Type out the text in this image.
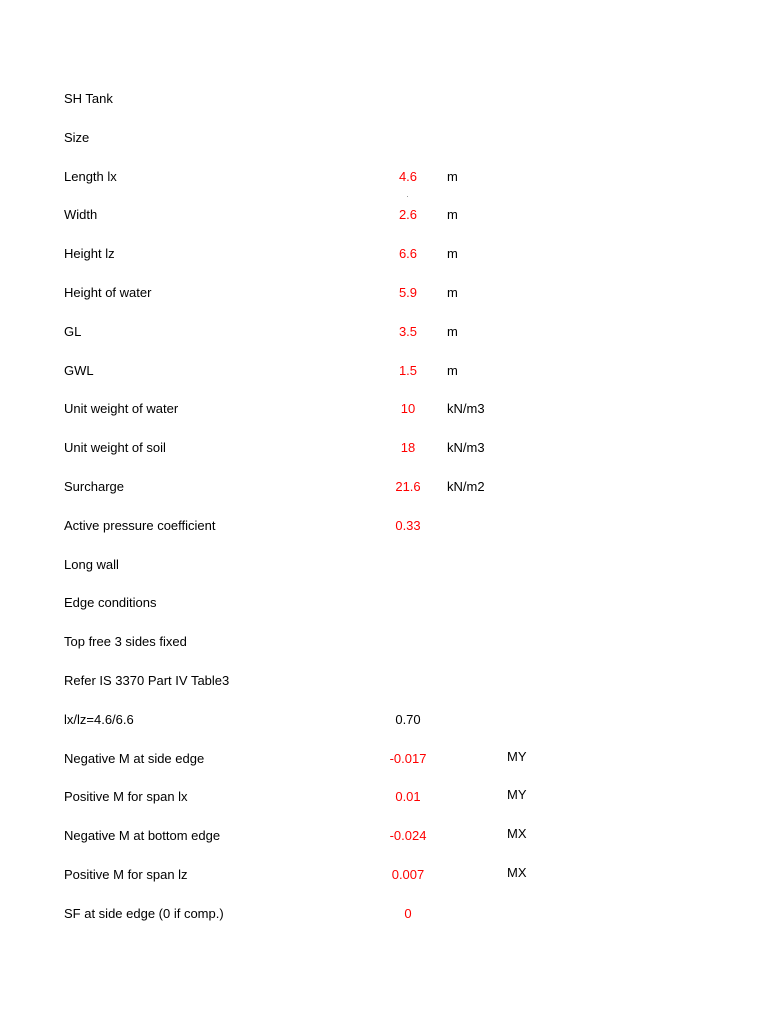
SH Tank
Size
Length lx	4.6	m
Width	2.6	m
Height lz	6.6	m
Height of water	5.9	m
GL	3.5	m
GWL	1.5	m
Unit weight of water	10	kN/m3
Unit weight of soil	18	kN/m3
Surcharge	21.6	kN/m2
Active pressure coefficient	0.33
Long wall
Edge conditions
Top free 3 sides fixed
Refer IS 3370 Part IV Table3
lx/lz=4.6/6.6	0.70
Negative M at side edge	-0.017	MY
Positive M for span lx	0.01	MY
Negative M at bottom edge	-0.024	MX
Positive M for span lz	0.007	MX
SF at side edge (0 if comp.)	0
